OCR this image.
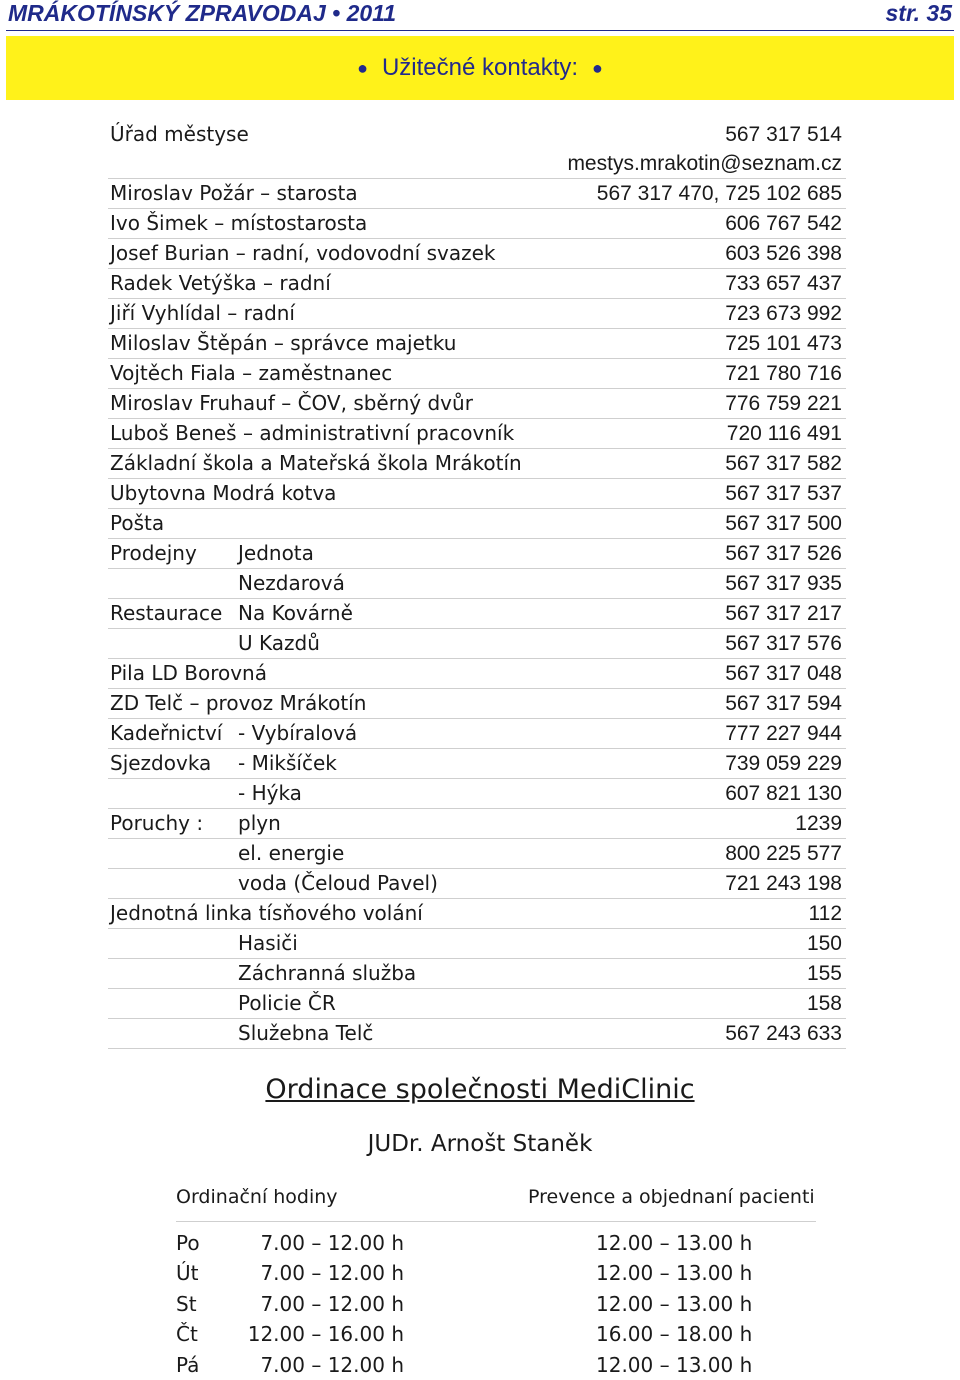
MRÁKOTÍNSKÝ ZPRAVODAJ • 2011	str. 35
● Užitečné kontakty: ●
Úřad městyse	567 317 514
mestys.mrakotin@seznam.cz
Miroslav Požár – starosta	567 317 470, 725 102 685
Ivo Šimek – místostarosta	606 767 542
Josef Burian – radní, vodovodní svazek	603 526 398
Radek Vetýška – radní	733 657 437
Jiří Vyhlídal – radní	723 673 992
Miloslav Štěpán – správce majetku	725 101 473
Vojtěch Fiala – zaměstnanec	721 780 716
Miroslav Fruhauf – ČOV, sběrný dvůr	776 759 221
Luboš Beneš – administrativní pracovník	720 116 491
Základní škola a Mateřská škola Mrákotín	567 317 582
Ubytovna Modrá kotva	567 317 537
Pošta	567 317 500
Prodejny Jednota	567 317 526
Nezdarová	567 317 935
Restaurace Na Kovárně	567 317 217
U Kazdů	567 317 576
Pila LD Borovná	567 317 048
ZD Telč – provoz Mrákotín	567 317 594
Kadeřnictví - Vybíralová	777 227 944
Sjezdovka - Mikšíček	739 059 229
- Hýka	607 821 130
Poruchy : plyn	1239
el. energie	800 225 577
voda (Čeloud Pavel)	721 243 198
Jednotná linka tísňového volání	112
Hasiči	150
Záchranná služba	155
Policie ČR	158
Služebna Telč	567 243 633
Ordinace společnosti MediClinic
JUDr. Arnošt Staněk
Ordinační hodiny	Prevence a objednaní pacienti
Po	7.00 – 12.00 h	12.00 – 13.00 h
Út	7.00 – 12.00 h	12.00 – 13.00 h
St	7.00 – 12.00 h	12.00 – 13.00 h
Čt	12.00 – 16.00 h	16.00 – 18.00 h
Pá	7.00 – 12.00 h	12.00 – 13.00 h
